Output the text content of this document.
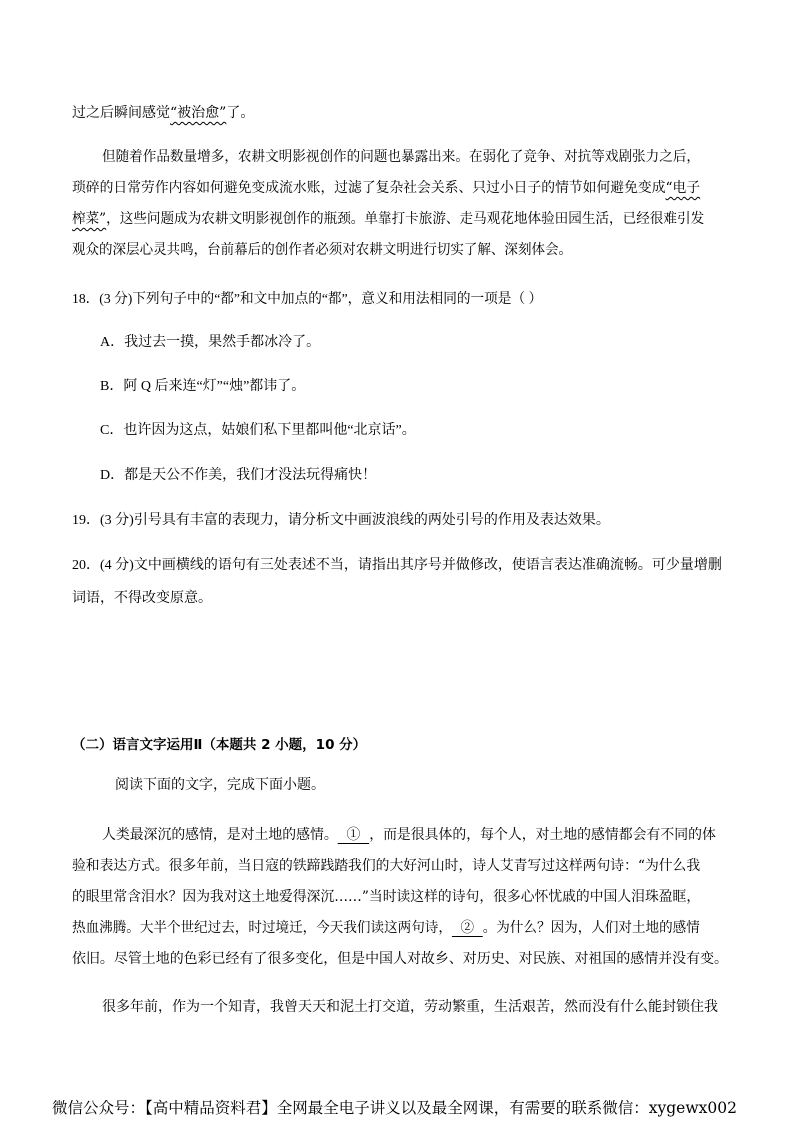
过之后瞬间感觉“被治愈”了。
但随着作品数量增多，农耕文明影视创作的问题也暴露出来。在弱化了竞争、对抗等戏剧张力之后，
琐碎的日常劳作内容如何避免变成流水账，过滤了复杂社会关系、只过小日子的情节如何避免变成“电子
榨菜”，这些问题成为农耕文明影视创作的瓶颈。单靠打卡旅游、走马观花地体验田园生活，已经很难引发
观众的深层心灵共鸣，台前幕后的创作者必须对农耕文明进行切实了解、深刻体会。
18．(3 分)下列句子中的“都”和文中加点的“都”，意义和用法相同的一项是（ ）
A．我过去一摸，果然手都冰冷了。
B．阿 Q 后来连“灯”“烛”都讳了。
C．也许因为这点，姑娘们私下里都叫他“北京话”。
D．都是天公不作美，我们才没法玩得痛快！
19．(3 分)引号具有丰富的表现力，请分析文中画波浪线的两处引号的作用及表达效果。
20．(4 分)文中画横线的语句有三处表述不当，请指出其序号并做修改，使语言表达准确流畅。可少量增删
词语，不得改变原意。
（二）语言文字运用Ⅱ（本题共 2 小题，10 分）
阅读下面的文字，完成下面小题。
人类最深沉的感情，是对土地的感情。  ①  ，而是很具体的，每个人，对土地的感情都会有不同的体
验和表达方式。很多年前，当日寇的铁蹄践踏我们的大好河山时，诗人艾青写过这样两句诗：“为什么我
的眼里常含泪水？因为我对这土地爱得深沉……”当时读这样的诗句，很多心怀忧戚的中国人泪珠盈眶，
热血沸腾。大半个世纪过去，时过境迁，今天我们读这两句诗，  ②  。为什么？因为，人们对土地的感情
依旧。尽管土地的色彩已经有了很多变化，但是中国人对故乡、对历史、对民族、对祖国的感情并没有变。
很多年前，作为一个知青，我曾天天和泥土打交道，劳动繁重，生活艰苦，然而没有什么能封锁住我
微信公众号：【高中精品资料君】全网最全电子讲义以及最全网课，有需要的联系微信：xygewx002
